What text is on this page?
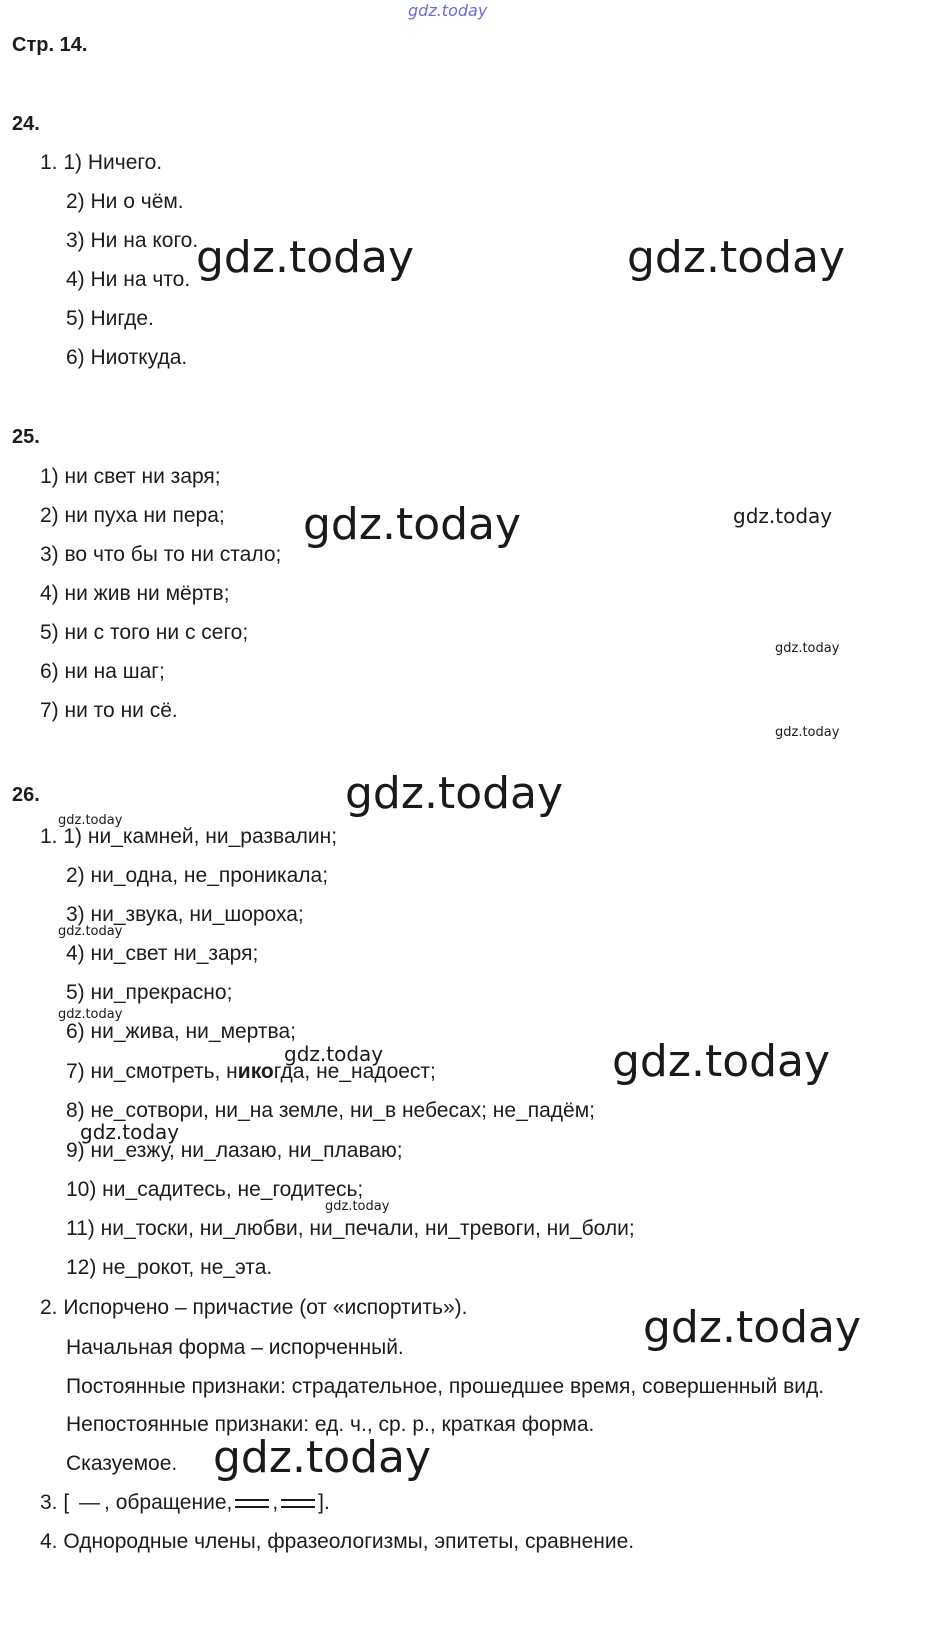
gdz.today
Стр. 14.
24.
1. 1) Ничего.
2) Ни о чём.
3) Ни на кого.
4) Ни на что.
5) Нигде.
6) Ниоткуда.
25.
1) ни свет ни заря;
2) ни пуха ни пера;
3) во что бы то ни стало;
4) ни жив ни мёртв;
5) ни с того ни с сего;
6) ни на шаг;
7) ни то ни сё.
26.
1. 1) ни_камней, ни_развалин;
2) ни_одна, не_проникала;
3) ни_звука, ни_шороха;
4) ни_свет ни_заря;
5) ни_прекрасно;
6) ни_жива, ни_мертва;
7) ни_смотреть, никогда, не_надоест;
8) не_сотвори, ни_на земле, ни_в небесах; не_падём;
9) ни_езжу, ни_лазаю, ни_плаваю;
10) ни_садитесь, не_годитесь;
11) ни_тоски, ни_любви, ни_печали, ни_тревоги, ни_боли;
12) не_рокот, не_эта.
2. Испорчено – причастие (от «испортить»).
Начальная форма – испорченный.
Постоянные признаки: страдательное, прошедшее время, совершенный вид.
Непостоянные признаки: ед. ч., ср. р., краткая форма.
Сказуемое.
3. [ — , обращение, , ].
4. Однородные члены, фразеологизмы, эпитеты, сравнение.
gdz.today	gdz.today
gdz.today	gdz.today
gdz.today
gdz.today
gdz.today
gdz.today
gdz.today
gdz.today
gdz.today	gdz.today
gdz.today
gdz.today
gdz.today
gdz.today
